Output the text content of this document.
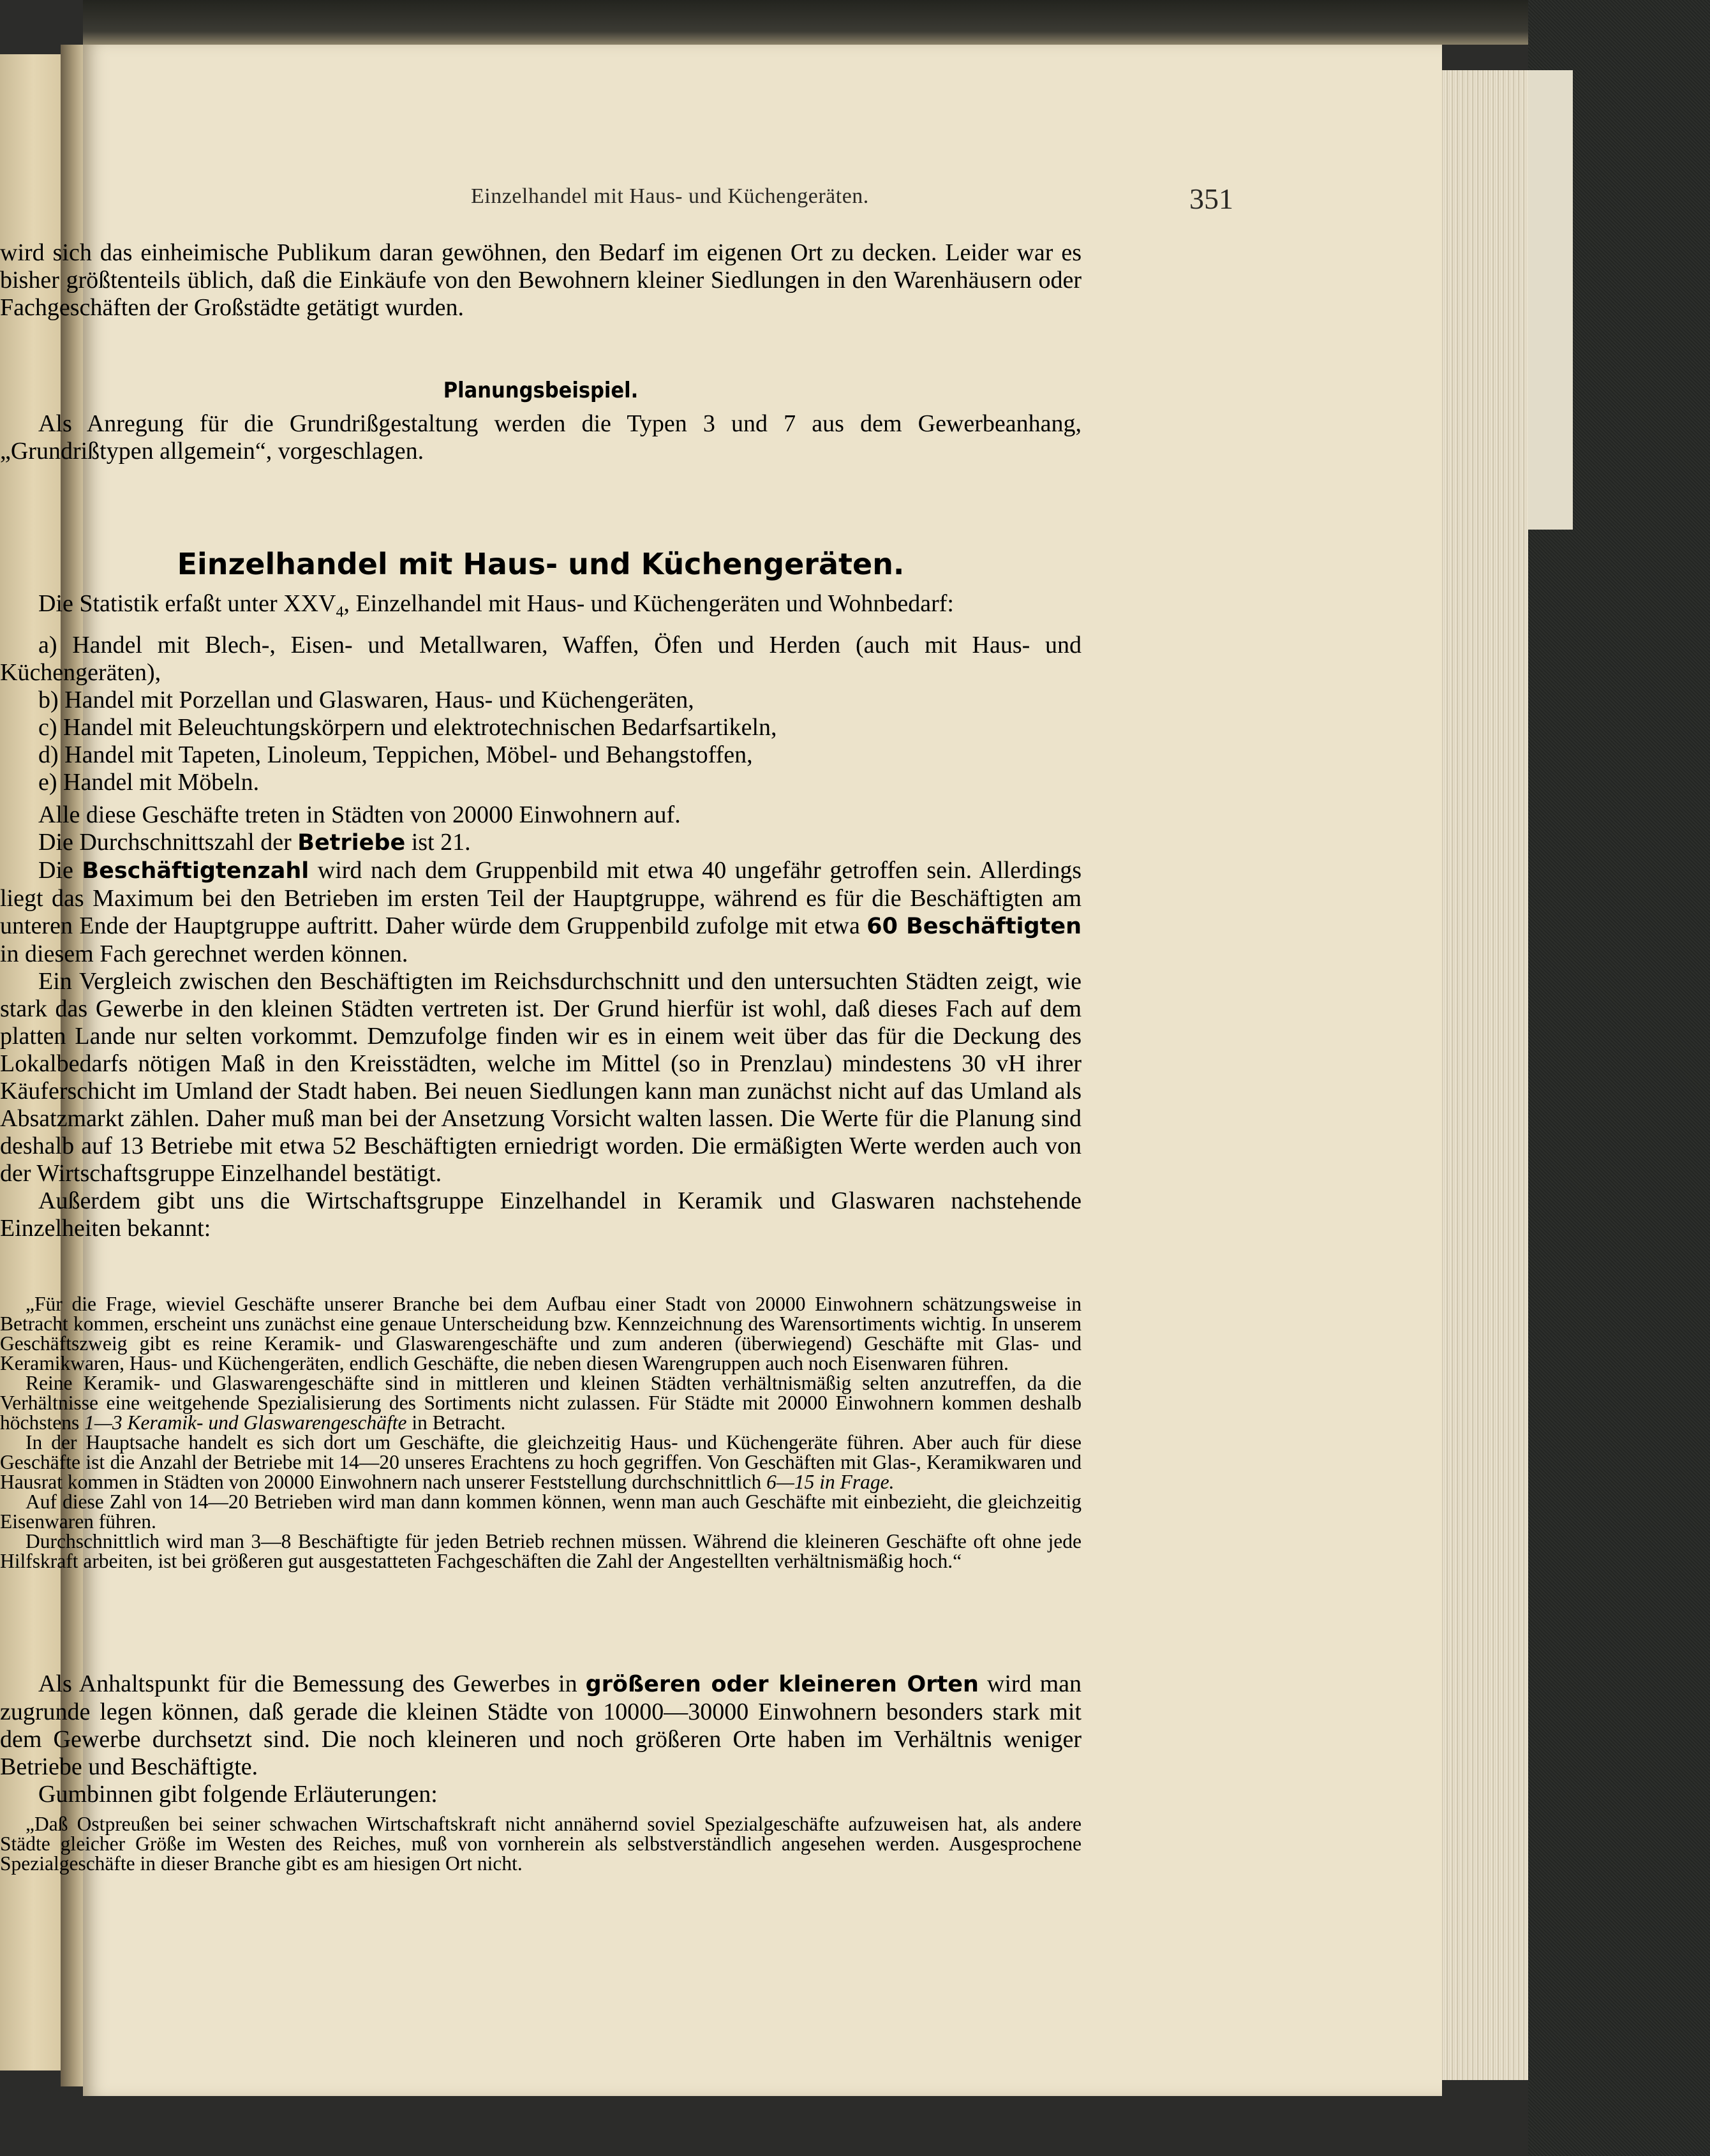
Einzelhandel mit Haus- und Küchengeräten.	351

wird sich das einheimische Publikum daran gewöhnen, den Bedarf im eigenen Ort zu decken. Leider war es bisher größtenteils üblich, daß die Einkäufe von den Bewohnern kleiner Siedlungen in den Warenhäusern oder Fachgeschäften der Großstädte getätigt wurden.

Planungsbeispiel.

Als Anregung für die Grundrißgestaltung werden die Typen 3 und 7 aus dem Gewerbeanhang, „Grundrißtypen allgemein“, vorgeschlagen.

Einzelhandel mit Haus- und Küchengeräten.

Die Statistik erfaßt unter $XXV_4$, Einzelhandel mit Haus- und Küchengeräten und Wohnbedarf:

a) Handel mit Blech-, Eisen- und Metallwaren, Waffen, Öfen und Herden (auch mit Haus- und Küchengeräten),

b) Handel mit Porzellan und Glaswaren, Haus- und Küchengeräten,

c) Handel mit Beleuchtungskörpern und elektrotechnischen Bedarfsartikeln,

d) Handel mit Tapeten, Linoleum, Teppichen, Möbel- und Behangstoffen,

e) Handel mit Möbeln.

Alle diese Geschäfte treten in Städten von 20000 Einwohnern auf.

Die Durchschnittszahl der Betriebe ist 21.

Die Beschäftigtenzahl wird nach dem Gruppenbild mit etwa 40 ungefähr getroffen sein. Allerdings liegt das Maximum bei den Betrieben im ersten Teil der Hauptgruppe, während es für die Beschäftigten am unteren Ende der Hauptgruppe auftritt. Daher würde dem Gruppenbild zufolge mit etwa 60 Beschäftigten in diesem Fach gerechnet werden können.

Ein Vergleich zwischen den Beschäftigten im Reichsdurchschnitt und den untersuchten Städten zeigt, wie stark das Gewerbe in den kleinen Städten vertreten ist. Der Grund hierfür ist wohl, daß dieses Fach auf dem platten Lande nur selten vorkommt. Demzufolge finden wir es in einem weit über das für die Deckung des Lokalbedarfs nötigen Maß in den Kreisstädten, welche im Mittel (so in Prenzlau) mindestens 30 vH ihrer Käuferschicht im Umland der Stadt haben. Bei neuen Siedlungen kann man zunächst nicht auf das Umland als Absatzmarkt zählen. Daher muß man bei der Ansetzung Vorsicht walten lassen. Die Werte für die Planung sind deshalb auf 13 Betriebe mit etwa 52 Beschäftigten erniedrigt worden. Die ermäßigten Werte werden auch von der Wirtschaftsgruppe Einzelhandel bestätigt.

Außerdem gibt uns die Wirtschaftsgruppe Einzelhandel in Keramik und Glaswaren nachstehende Einzelheiten bekannt:

„Für die Frage, wieviel Geschäfte unserer Branche bei dem Aufbau einer Stadt von 20000 Einwohnern schätzungsweise in Betracht kommen, erscheint uns zunächst eine genaue Unterscheidung bzw. Kennzeichnung des Warensortiments wichtig. In unserem Geschäftszweig gibt es reine Keramik- und Glaswarengeschäfte und zum anderen (überwiegend) Geschäfte mit Glas- und Keramikwaren, Haus- und Küchengeräten, endlich Geschäfte, die neben diesen Warengruppen auch noch Eisenwaren führen.

Reine Keramik- und Glaswarengeschäfte sind in mittleren und kleinen Städten verhältnismäßig selten anzutreffen, da die Verhältnisse eine weitgehende Spezialisierung des Sortiments nicht zulassen. Für Städte mit 20000 Einwohnern kommen deshalb höchstens 1—3 Keramik- und Glaswarengeschäfte in Betracht.

In der Hauptsache handelt es sich dort um Geschäfte, die gleichzeitig Haus- und Küchengeräte führen. Aber auch für diese Geschäfte ist die Anzahl der Betriebe mit 14—20 unseres Erachtens zu hoch gegriffen. Von Geschäften mit Glas-, Keramikwaren und Hausrat kommen in Städten von 20000 Einwohnern nach unserer Feststellung durchschnittlich 6—15 in Frage.

Auf diese Zahl von 14—20 Betrieben wird man dann kommen können, wenn man auch Geschäfte mit einbezieht, die gleichzeitig Eisenwaren führen.

Durchschnittlich wird man 3—8 Beschäftigte für jeden Betrieb rechnen müssen. Während die kleineren Geschäfte oft ohne jede Hilfskraft arbeiten, ist bei größeren gut ausgestatteten Fachgeschäften die Zahl der Angestellten verhältnismäßig hoch.“

Als Anhaltspunkt für die Bemessung des Gewerbes in größeren oder kleineren Orten wird man zugrunde legen können, daß gerade die kleinen Städte von 10000—30000 Einwohnern besonders stark mit dem Gewerbe durchsetzt sind. Die noch kleineren und noch größeren Orte haben im Verhältnis weniger Betriebe und Beschäftigte.

Gumbinnen gibt folgende Erläuterungen:

„Daß Ostpreußen bei seiner schwachen Wirtschaftskraft nicht annähernd soviel Spezialgeschäfte aufzuweisen hat, als andere Städte gleicher Größe im Westen des Reiches, muß von vornherein als selbstverständlich angesehen werden. Ausgesprochene Spezialgeschäfte in dieser Branche gibt es am hiesigen Ort nicht.
